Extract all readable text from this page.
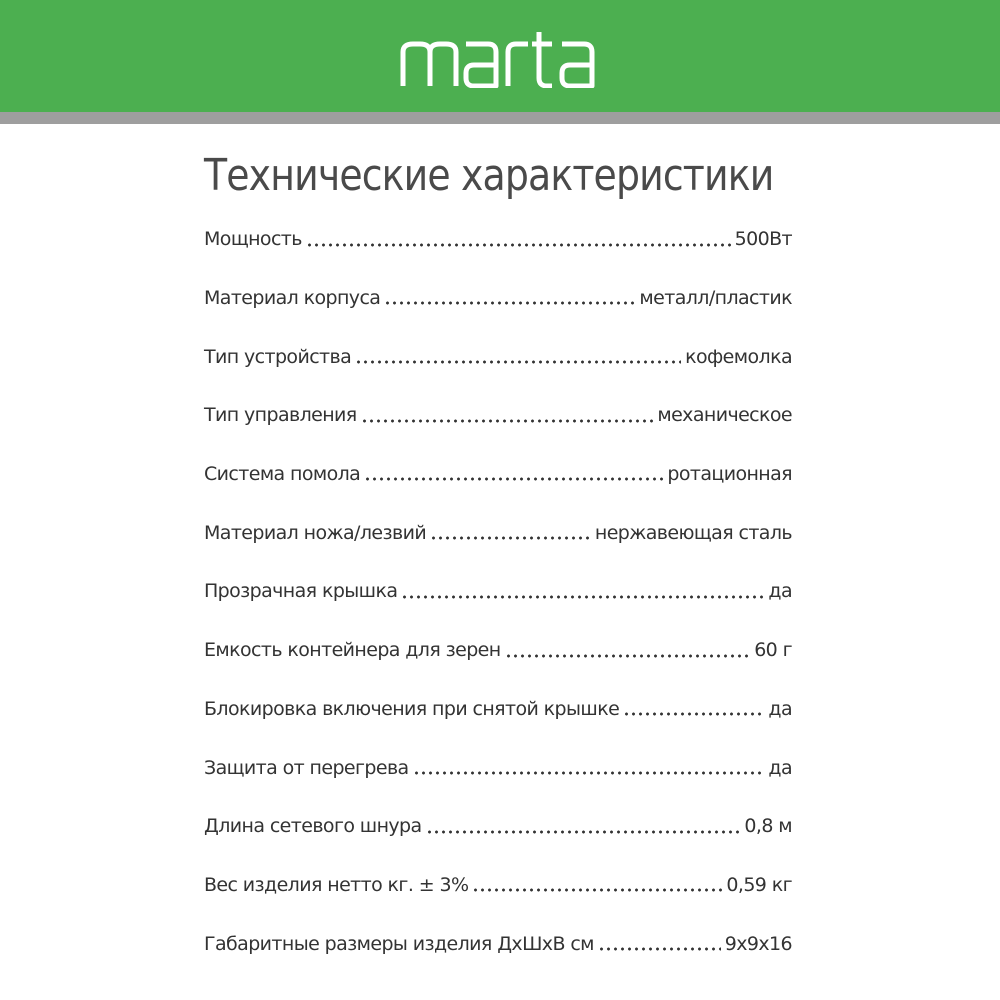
Технические характеристики
Мощность	500Вт
Материал корпуса	металл/пластик
Тип устройства	кофемолка
Тип управления	механическое
Система помола	ротационная
Материал ножа/лезвий	нержавеющая сталь
Прозрачная крышка	да
Емкость контейнера для зерен	60 г
Блокировка включения при снятой крышке	да
Защита от перегрева	да
Длина сетевого шнура	0,8 м
Вес изделия нетто кг. ± 3%	0,59 кг
Габаритные размеры изделия ДхШхВ см	9х9х16
